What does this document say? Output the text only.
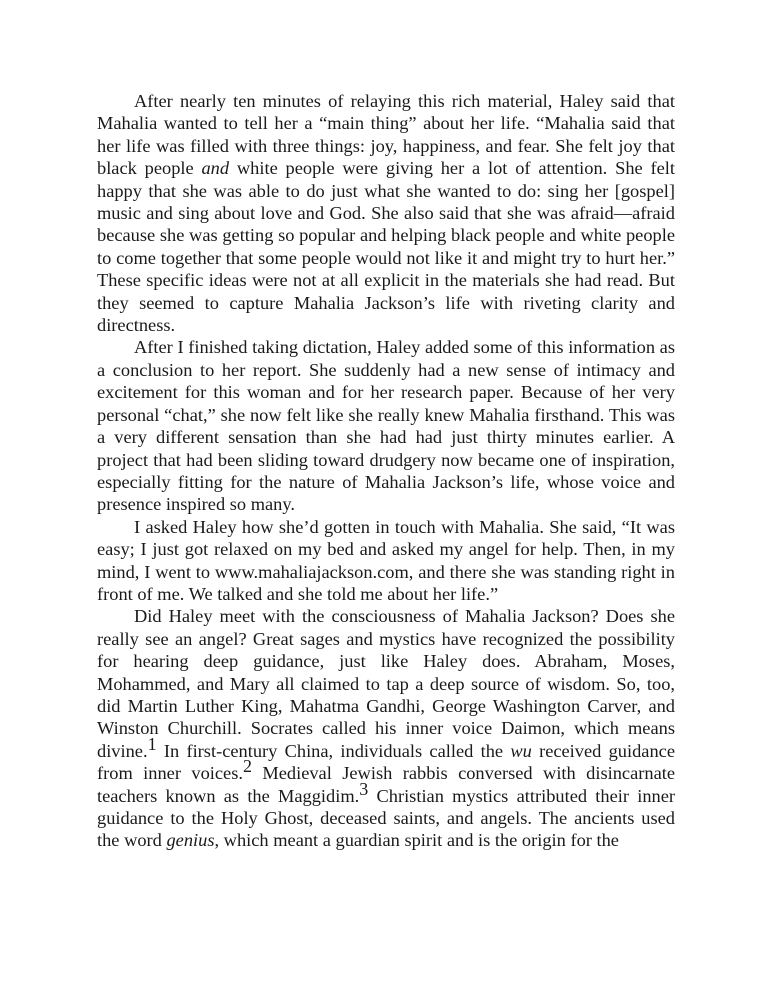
After nearly ten minutes of relaying this rich material, Haley said that Mahalia wanted to tell her a “main thing” about her life. “Mahalia said that her life was filled with three things: joy, happiness, and fear. She felt joy that black people and white people were giving her a lot of attention. She felt happy that she was able to do just what she wanted to do: sing her [gospel] music and sing about love and God. She also said that she was afraid—afraid because she was getting so popular and helping black people and white people to come together that some people would not like it and might try to hurt her.” These specific ideas were not at all explicit in the materials she had read. But they seemed to capture Mahalia Jackson’s life with riveting clarity and directness.

After I finished taking dictation, Haley added some of this information as a conclusion to her report. She suddenly had a new sense of intimacy and excitement for this woman and for her research paper. Because of her very personal “chat,” she now felt like she really knew Mahalia firsthand. This was a very different sensation than she had had just thirty minutes earlier. A project that had been sliding toward drudgery now became one of inspiration, especially fitting for the nature of Mahalia Jackson’s life, whose voice and presence inspired so many.

I asked Haley how she’d gotten in touch with Mahalia. She said, “It was easy; I just got relaxed on my bed and asked my angel for help. Then, in my mind, I went to www.mahaliajackson.com, and there she was standing right in front of me. We talked and she told me about her life.”

Did Haley meet with the consciousness of Mahalia Jackson? Does she really see an angel? Great sages and mystics have recognized the possibility for hearing deep guidance, just like Haley does. Abraham, Moses, Mohammed, and Mary all claimed to tap a deep source of wisdom. So, too, did Martin Luther King, Mahatma Gandhi, George Washington Carver, and Winston Churchill. Socrates called his inner voice Daimon, which means divine.1 In first-century China, individuals called the wu received guidance from inner voices.2 Medieval Jewish rabbis conversed with disincarnate teachers known as the Maggidim.3 Christian mystics attributed their inner guidance to the Holy Ghost, deceased saints, and angels. The ancients used the word genius, which meant a guardian spirit and is the origin for the
